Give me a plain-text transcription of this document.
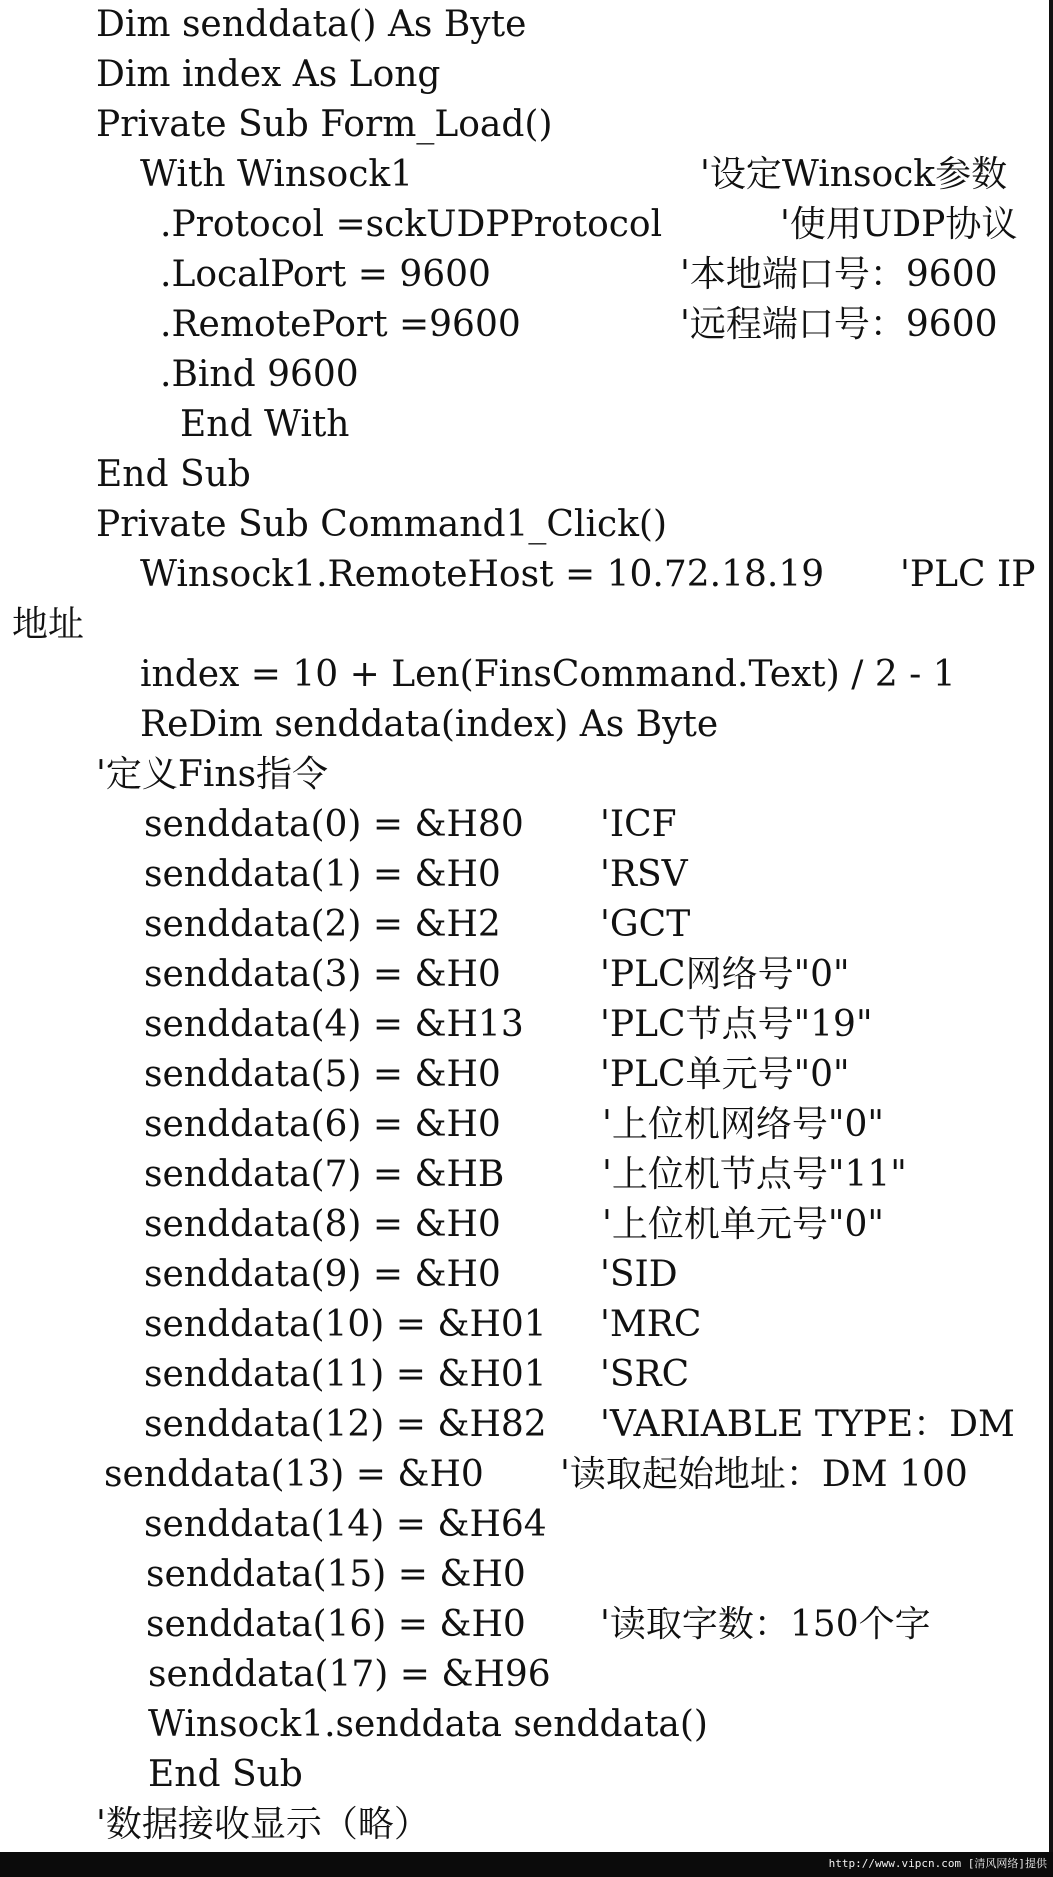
Dim senddata() As Byte
Dim index As Long
Private Sub Form_Load()
With Winsock1	'设定Winsock参数
.Protocol =sckUDPProtocol	'使用UDP协议
.LocalPort = 9600	'本地端口号：9600
.RemotePort =9600	'远程端口号：9600
.Bind 9600
End With
End Sub
Private Sub Command1_Click()
Winsock1.RemoteHost = 10.72.18.19 'PLC IP
地址
index = 10 + Len(FinsCommand.Text) / 2 - 1
ReDim senddata(index) As Byte
'定义Fins指令
senddata(0) = &H80 'ICF
senddata(1) = &H0	'RSV
senddata(2) = &H2	'GCT
senddata(3) = &H0	'PLC网络号"0"
senddata(4) = &H13 'PLC节点号"19"
senddata(5) = &H0	'PLC单元号"0"
senddata(6) = &H0	'上位机网络号"0"
senddata(7) = &HB	'上位机节点号"11"
senddata(8) = &H0	'上位机单元号"0"
senddata(9) = &H0	'SID
senddata(10) = &H01 'MRC
senddata(11) = &H01 'SRC
senddata(12) = &H82 'VARIABLE TYPE：DM
senddata(13) = &H0 '读取起始地址：DM 100
senddata(14) = &H64
senddata(15) = &H0
senddata(16) = &H0 '读取字数：150个字
senddata(17) = &H96
Winsock1.senddata senddata()
End Sub
'数据接收显示（略）
http://www.vipcn.com [清风网络]提供
